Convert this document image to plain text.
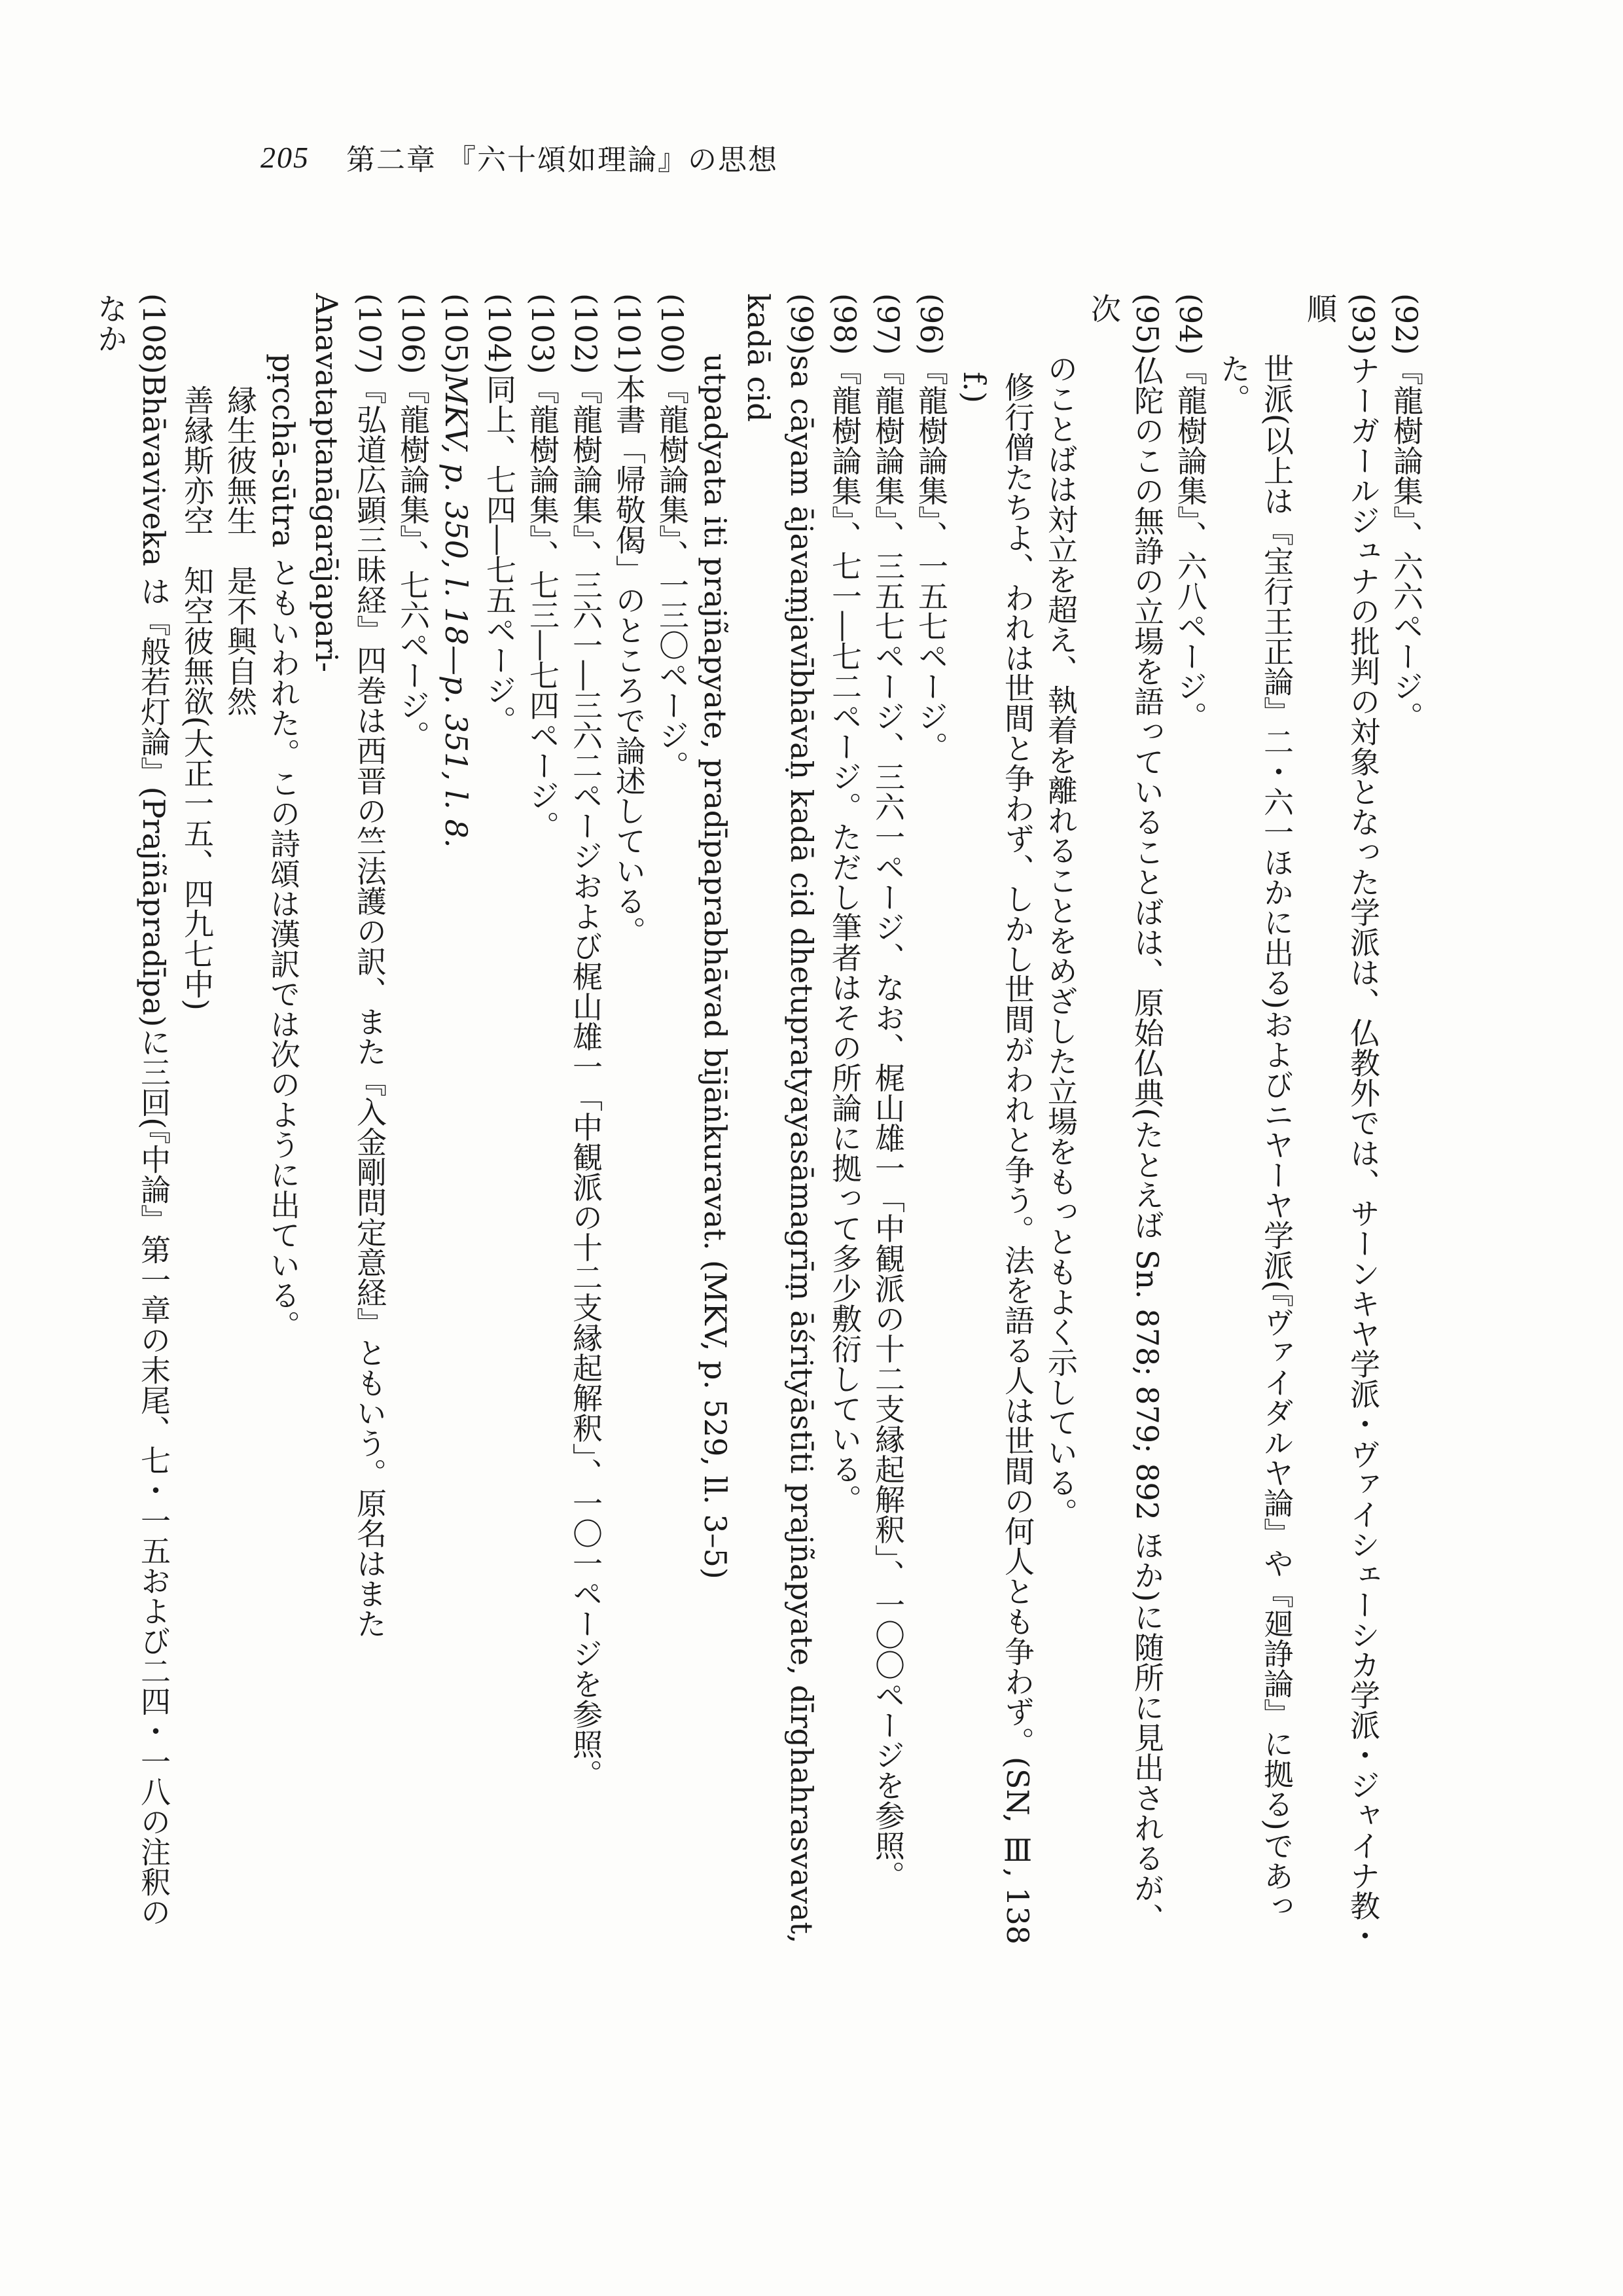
205 第二章 『六十頌如理論』の思想

(92)『龍樹論集』、六六ページ。

(93)ナーガールジュナの批判の対象となった学派は、仏教外では、サーンキヤ学派・ヴァイシェーシカ学派・ジャイナ教・順

世派(以上は『宝行王正論』二・六一ほかに出る)およびニヤーヤ学派(『ヴァイダルヤ論』や『廻諍論』に拠る)であった。

(94)『龍樹論集』、六八ページ。

(95)仏陀のこの無諍の立場を語っていることばは、原始仏典(たとえば Sn. 878; 879; 892 ほか)に随所に見出されるが、次

のことばは対立を超え、執着を離れることをめざした立場をもっともよく示している。

修行僧たちよ、われは世間と争わず、しかし世間がわれと争う。法を語る人は世間の何人とも争わず。(SN, Ⅲ, 138 f.)

(96)『龍樹論集』、一五七ページ。

(97)『龍樹論集』、三五七ページ、三六一ページ、なお、梶山雄一「中観派の十二支縁起解釈」、一〇〇ページを参照。

(98)『龍樹論集』、七一―七二ページ。ただし筆者はその所論に拠って多少敷衍している。

(99)sa cāyam ājavaṃjavībhāvaḥ kadā cid dhetupratyayasāmagrīṃ āśrityāstīti prajñapyate, dīrghahrasvavat, kadā cid

utpadyata iti prajñapyate, pradīpaprabhāvad bījāṅkuravat. (MKV, p. 529, ll. 3–5)

(100)『龍樹論集』、一三〇ページ。

(101)本書「帰敬偈」のところで論述している。

(102)『龍樹論集』、三六一―三六二ページおよび梶山雄一「中観派の十二支縁起解釈」、一〇一ページを参照。

(103)『龍樹論集』、七三―七四ページ。

(104)同上、七四―七五ページ。

(105)MKV, p. 350, l. 18—p. 351, l. 8.

(106)『龍樹論集』、七六ページ。

(107)『弘道広顕三昧経』四巻は西晋の竺法護の訳、また『入金剛問定意経』ともいう。原名はまた Anavataptanāgarājapari-

pṛcchā-sūtra ともいわれた。この詩頌は漢訳では次のように出ている。

縁生彼無生　是不興自然

善縁斯亦空　知空彼無欲(大正一五、四九七中)

(108)Bhāvaviveka は『般若灯論』(Prajñāpradīpa)に三回(『中論』第一章の末尾、七・一五および二四・一八の注釈のなか
